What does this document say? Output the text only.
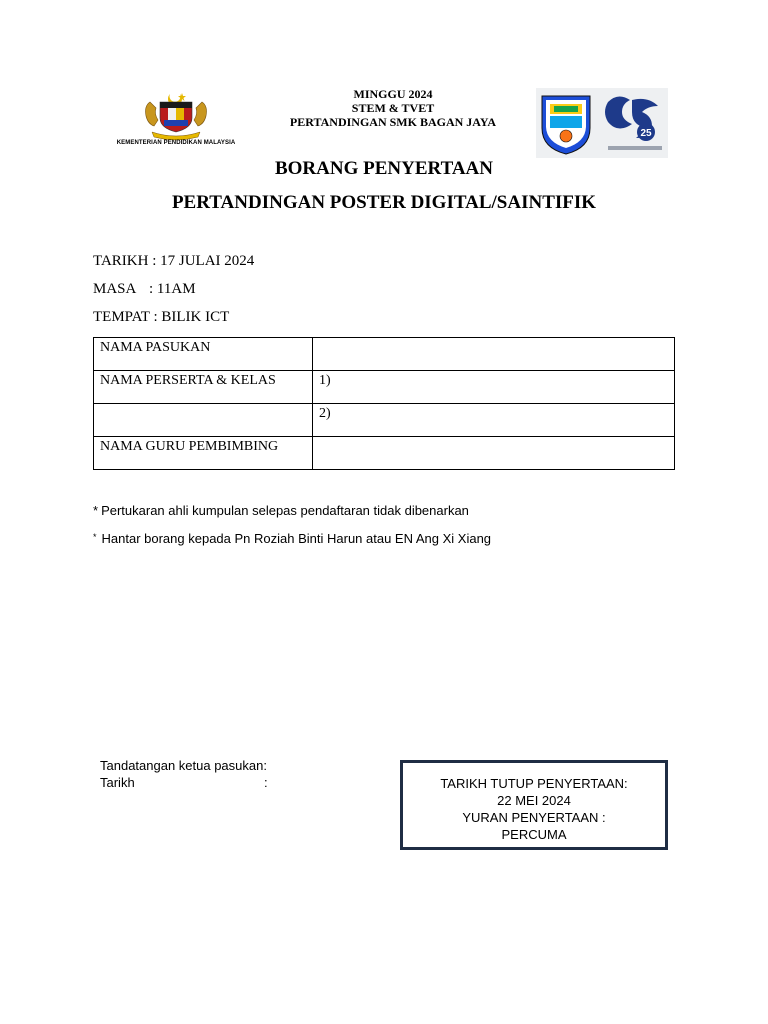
KEMENTERIAN PENDIDIKAN MALAYSIA
MINGGU 2024
STEM & TVET
PERTANDINGAN SMK BAGAN JAYA
25
BORANG PENYERTAAN
PERTANDINGAN POSTER DIGITAL/SAINTIFIK
TARIKH : 17 JULAI 2024
MASA : 11AM
TEMPAT : BILIK ICT
NAMA PASUKAN	
NAMA PERSERTA & KELAS	1)
	2)
NAMA GURU PEMBIMBING	
* Pertukaran ahli kumpulan selepas pendaftaran tidak dibenarkan
* Hantar borang kepada Pn Roziah Binti Harun atau EN Ang Xi Xiang
Tandatangan ketua pasukan:
Tarikh	:	TARIKH TUTUP PENYERTAAN:
22 MEI 2024
YURAN PENYERTAAN :
PERCUMA
